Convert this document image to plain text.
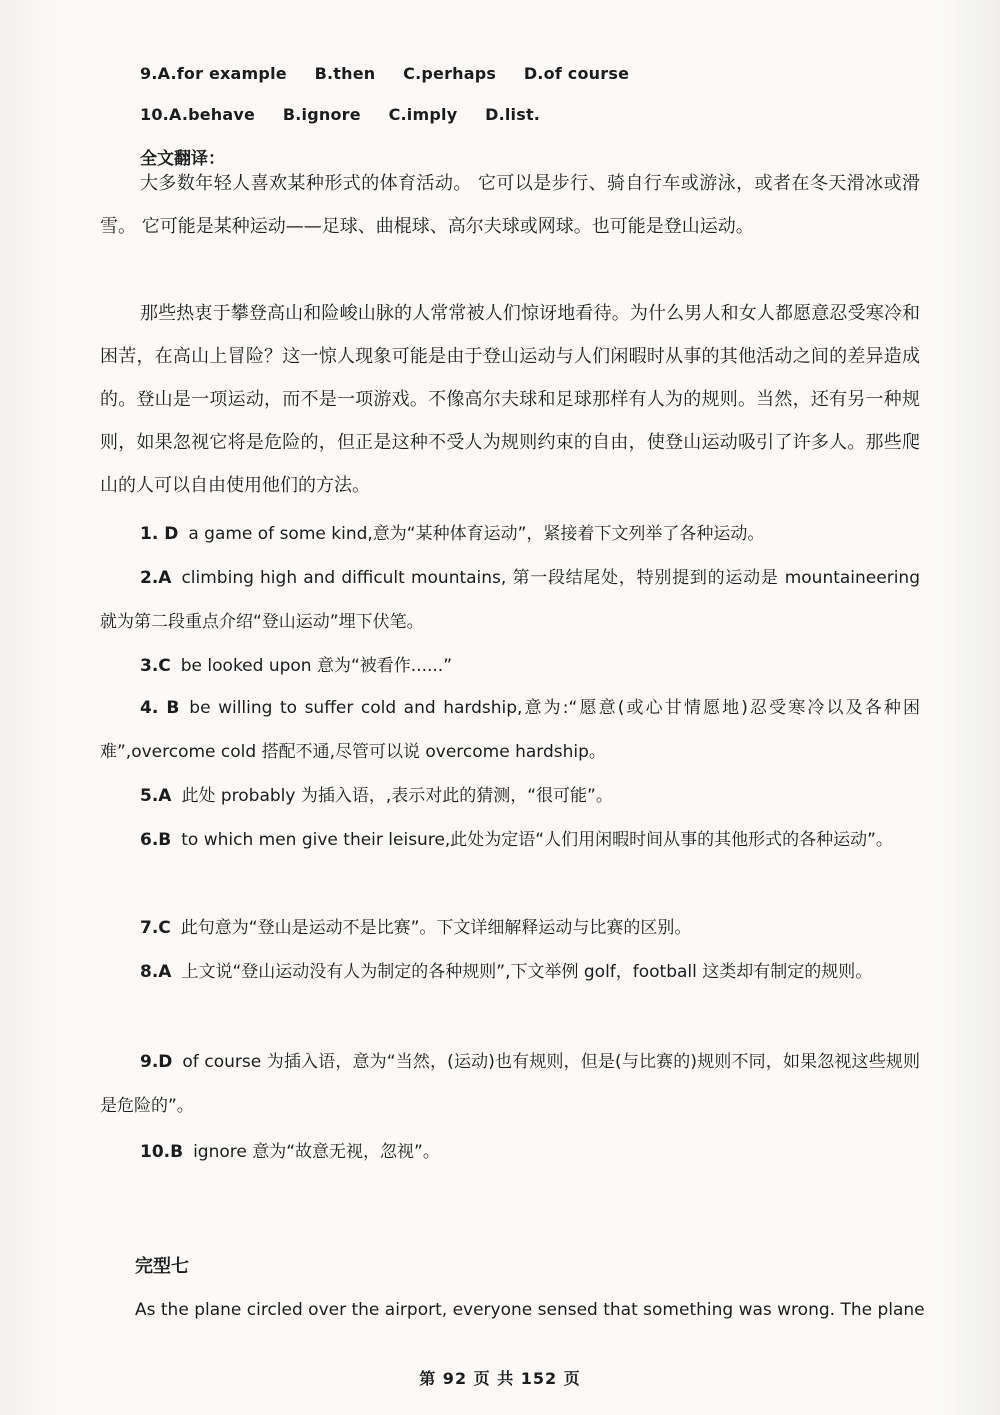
9.A.for example B.then C.perhaps D.of course
10.A.behave B.ignore C.imply D.list.
全文翻译：

大多数年轻人喜欢某种形式的体育活动。 它可以是步行、骑自行车或游泳，或者在冬天滑冰或滑雪。 它可能是某种运动——足球、曲棍球、高尔夫球或网球。也可能是登山运动。

那些热衷于攀登高山和险峻山脉的人常常被人们惊讶地看待。为什么男人和女人都愿意忍受寒冷和困苦，在高山上冒险？这一惊人现象可能是由于登山运动与人们闲暇时从事的其他活动之间的差异造成的。登山是一项运动，而不是一项游戏。不像高尔夫球和足球那样有人为的规则。当然，还有另一种规则，如果忽视它将是危险的，但正是这种不受人为规则约束的自由，使登山运动吸引了许多人。那些爬山的人可以自由使用他们的方法。

1. D a game of some kind,意为“某种体育运动”，紧接着下文列举了各种运动。
2.A climbing high and difficult mountains, 第一段结尾处，特别提到的运动是 mountaineering 就为第二段重点介绍“登山运动”埋下伏笔。
3.C be looked upon 意为“被看作......”
4. B be willing to suffer cold and hardship,意为:“愿意(或心甘情愿地)忍受寒冷以及各种困难”,overcome cold 搭配不通,尽管可以说 overcome hardship。
5.A 此处 probably 为插入语，,表示对此的猜测，“很可能”。
6.B to which men give their leisure,此处为定语“人们用闲暇时间从事的其他形式的各种运动”。
7.C 此句意为“登山是运动不是比赛”。下文详细解释运动与比赛的区别。
8.A 上文说“登山运动没有人为制定的各种规则”,下文举例 golf，football 这类却有制定的规则。
9.D of course 为插入语，意为“当然，(运动)也有规则，但是(与比赛的)规则不同，如果忽视这些规则是危险的”。
10.B ignore 意为“故意无视，忽视”。
完型七
As the plane circled over the airport, everyone sensed that something was wrong. The plane
第 92 页 共 152 页
